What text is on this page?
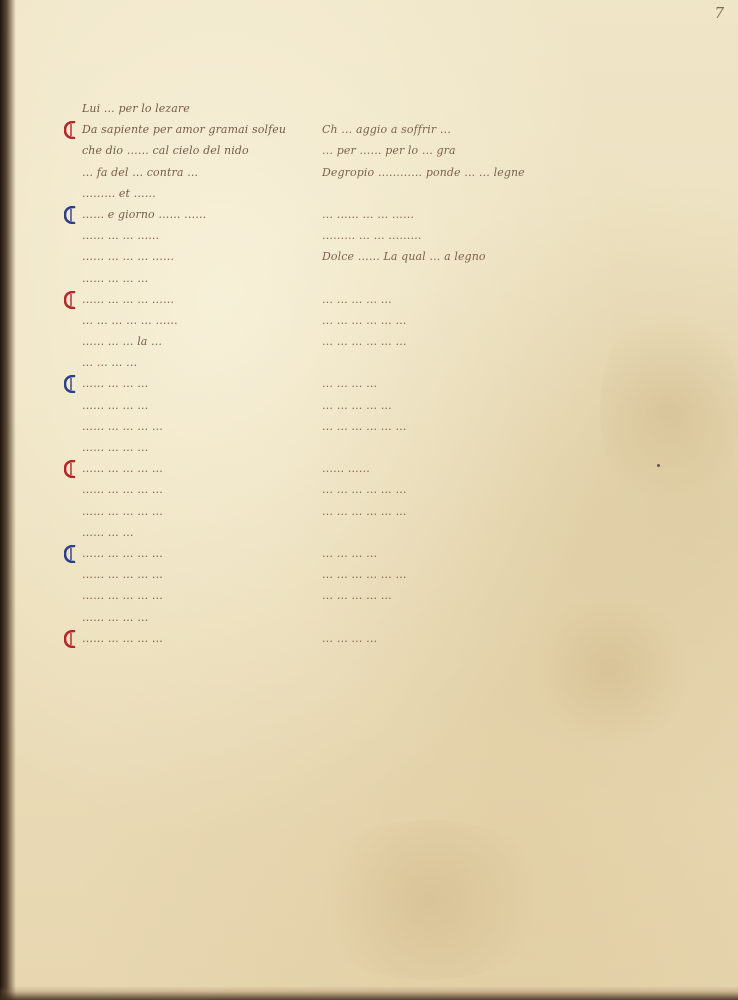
7
Lui … per lo lezare
Da sapiente per amor gramai solfeu	Ch … aggio a soffrir …
che dio …… cal cielo del nido	… per …… per lo … gra
… fa del … contra …	Degropio ………… ponde … … legne
……… et ……
…… e giorno …… ……	… …… … … ……
…… … … ……	……… … … ………
…… … … … ……	Dolce …… La qual … a legno
…… … … …
…… … … … ……	… … … … …
… … … … … ……	… … … … … …
…… … … la …	… … … … … …
… … … …
…… … … …	… … … …
…… … … …	… … … … …
…… … … … …	… … … … … …
…… … … …
…… … … … …	…… ……
…… … … … …	… … … … … …
…… … … … …	… … … … … …
…… … …
…… … … … …	… … … …
…… … … … …	… … … … … …
…… … … … …	… … … … …
…… … … …
…… … … … …	… … … …
